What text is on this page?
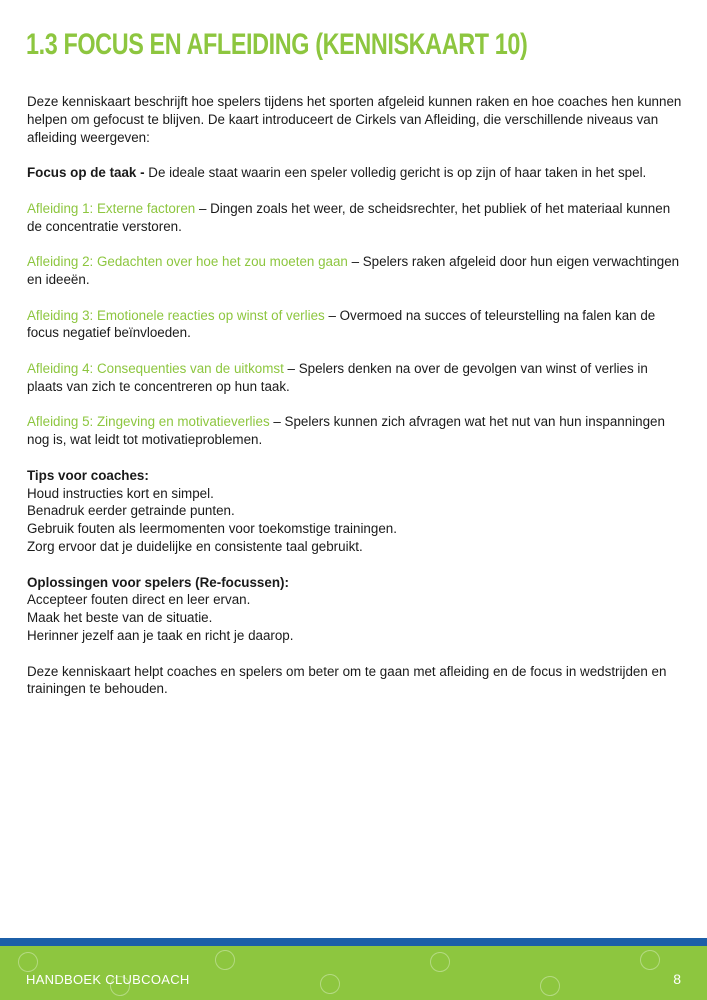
1.3 FOCUS EN AFLEIDING (KENNISKAART 10)

Deze kenniskaart beschrijft hoe spelers tijdens het sporten afgeleid kunnen raken en hoe coaches hen kunnen helpen om gefocust te blijven. De kaart introduceert de Cirkels van Afleiding, die verschillende niveaus van afleiding weergeven:

Focus op de taak - De ideale staat waarin een speler volledig gericht is op zijn of haar taken in het spel.

Afleiding 1: Externe factoren – Dingen zoals het weer, de scheidsrechter, het publiek of het materiaal kunnen de concentratie verstoren.

Afleiding 2: Gedachten over hoe het zou moeten gaan – Spelers raken afgeleid door hun eigen verwachtingen en ideeën.

Afleiding 3: Emotionele reacties op winst of verlies – Overmoed na succes of teleurstelling na falen kan de focus negatief beïnvloeden.

Afleiding 4: Consequenties van de uitkomst – Spelers denken na over de gevolgen van winst of verlies in plaats van zich te concentreren op hun taak.

Afleiding 5: Zingeving en motivatieverlies – Spelers kunnen zich afvragen wat het nut van hun inspanningen nog is, wat leidt tot motivatieproblemen.

Tips voor coaches:
Houd instructies kort en simpel.
Benadruk eerder getrainde punten.
Gebruik fouten als leermomenten voor toekomstige trainingen.
Zorg ervoor dat je duidelijke en consistente taal gebruikt.

Oplossingen voor spelers (Re-focussen):
Accepteer fouten direct en leer ervan.
Maak het beste van de situatie.
Herinner jezelf aan je taak en richt je daarop.

Deze kenniskaart helpt coaches en spelers om beter om te gaan met afleiding en de focus in wedstrijden en trainingen te behouden.

HANDBOEK CLUBCOACH	8
